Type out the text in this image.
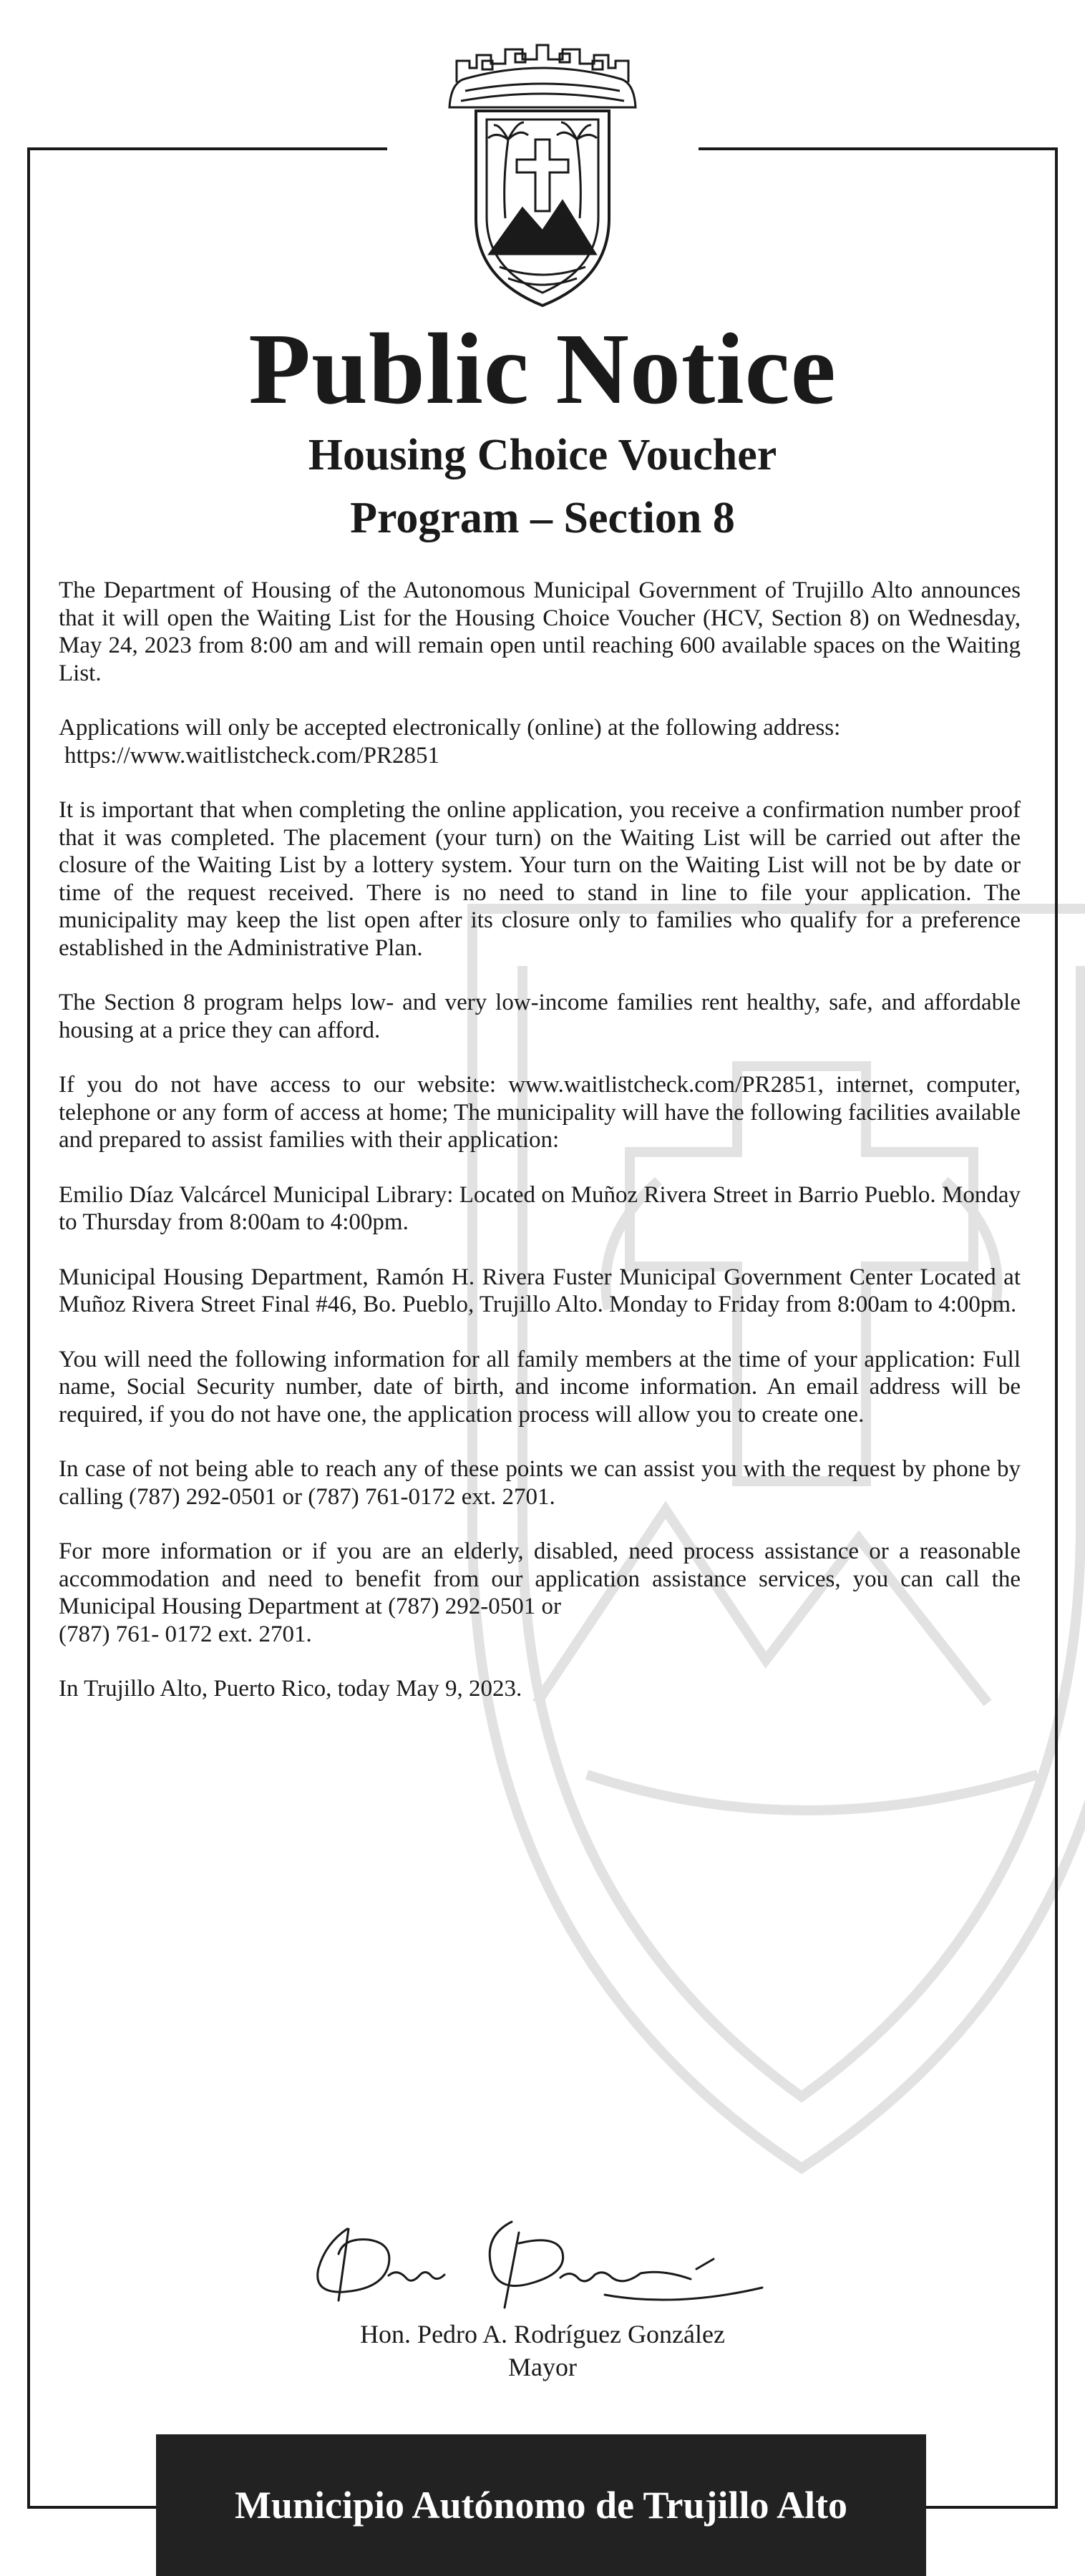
Public Notice
Housing Choice Voucher
Program – Section 8

The Department of Housing of the Autonomous Municipal Government of Trujillo Alto announces that it will open the Waiting List for the Housing Choice Voucher (HCV, Section 8) on Wednesday, May 24, 2023 from 8:00 am and will remain open until reaching 600 available spaces on the Waiting List.

Applications will only be accepted electronically (online) at the following address:
https://www.waitlistcheck.com/PR2851

It is important that when completing the online application, you receive a confirmation number proof that it was completed. The placement (your turn) on the Waiting List will be carried out after the closure of the Waiting List by a lottery system. Your turn on the Waiting List will not be by date or time of the request received. There is no need to stand in line to file your application. The municipality may keep the list open after its closure only to families who qualify for a preference established in the Administrative Plan.

The Section 8 program helps low- and very low-income families rent healthy, safe, and affordable housing at a price they can afford.

If you do not have access to our website: www.waitlistcheck.com/PR2851, internet, computer, telephone or any form of access at home; The municipality will have the following facilities available and prepared to assist families with their application:

Emilio Díaz Valcárcel Municipal Library: Located on Muñoz Rivera Street in Barrio Pueblo. Monday to Thursday from 8:00am to 4:00pm.

Municipal Housing Department, Ramón H. Rivera Fuster Municipal Government Center Located at Muñoz Rivera Street Final #46, Bo. Pueblo, Trujillo Alto. Monday to Friday from 8:00am to 4:00pm.

You will need the following information for all family members at the time of your application: Full name, Social Security number, date of birth, and income information. An email address will be required, if you do not have one, the application process will allow you to create one.

In case of not being able to reach any of these points we can assist you with the request by phone by calling (787) 292-0501 or (787) 761-0172 ext. 2701.

For more information or if you are an elderly, disabled, need process assistance or a reasonable accommodation and need to benefit from our application assistance services, you can call the Municipal Housing Department at (787) 292-0501 or
(787) 761- 0172 ext. 2701.

In Trujillo Alto, Puerto Rico, today May 9, 2023.

Hon. Pedro A. Rodríguez González
Mayor
Municipio Autónomo de Trujillo Alto
